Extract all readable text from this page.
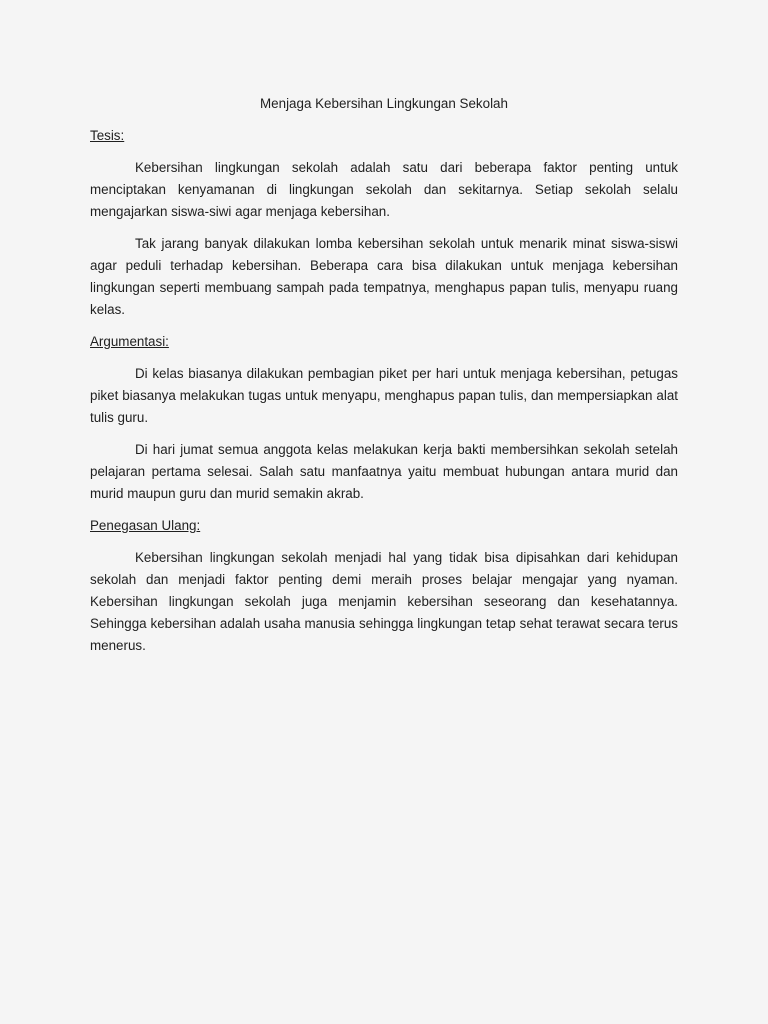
Menjaga Kebersihan Lingkungan Sekolah
Tesis:

Kebersihan lingkungan sekolah adalah satu dari beberapa faktor penting untuk menciptakan kenyamanan di lingkungan sekolah dan sekitarnya. Setiap sekolah selalu mengajarkan siswa-siwi agar menjaga kebersihan.

Tak jarang banyak dilakukan lomba kebersihan sekolah untuk menarik minat siswa-siswi agar peduli terhadap kebersihan. Beberapa cara bisa dilakukan untuk menjaga kebersihan lingkungan seperti membuang sampah pada tempatnya, menghapus papan tulis, menyapu ruang kelas.

Argumentasi:

Di kelas biasanya dilakukan pembagian piket per hari untuk menjaga kebersihan, petugas piket biasanya melakukan tugas untuk menyapu, menghapus papan tulis, dan mempersiapkan alat tulis guru.

Di hari jumat semua anggota kelas melakukan kerja bakti membersihkan sekolah setelah pelajaran pertama selesai. Salah satu manfaatnya yaitu membuat hubungan antara murid dan murid maupun guru dan murid semakin akrab.

Penegasan Ulang:

Kebersihan lingkungan sekolah menjadi hal yang tidak bisa dipisahkan dari kehidupan sekolah dan menjadi faktor penting demi meraih proses belajar mengajar yang nyaman. Kebersihan lingkungan sekolah juga menjamin kebersihan seseorang dan kesehatannya. Sehingga kebersihan adalah usaha manusia sehingga lingkungan tetap sehat terawat secara terus menerus.
